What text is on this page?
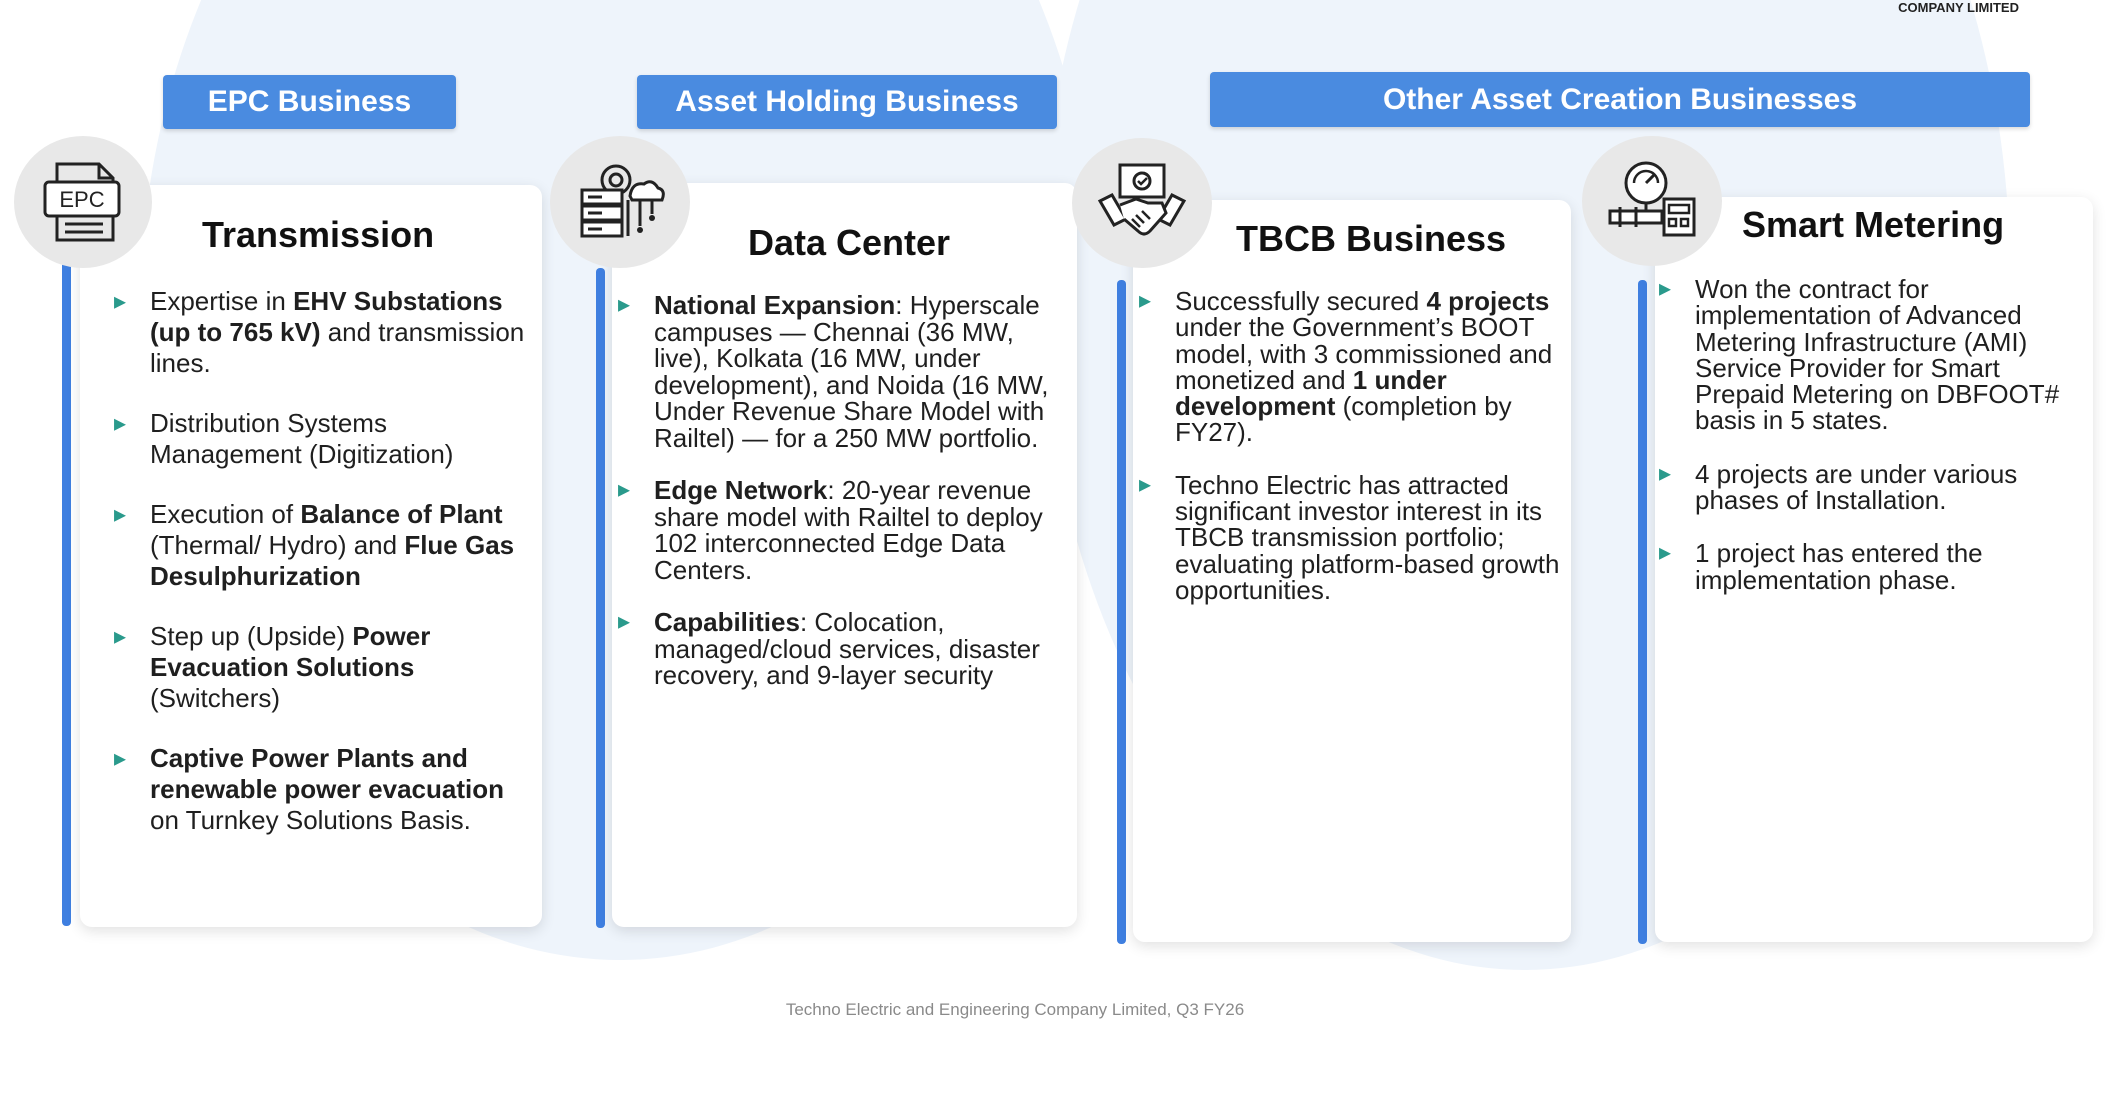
COMPANY LIMITED
EPC Business	Asset Holding Business	Other Asset Creation Businesses
EPC
Transmission
▸ Expertise in EHV Substations (up to 765 kV) and transmission lines.
▸ Distribution Systems Management (Digitization)
▸ Execution of Balance of Plant (Thermal/ Hydro) and Flue Gas Desulphurization
▸ Step up (Upside) Power Evacuation Solutions (Switchers)
▸ Captive Power Plants and renewable power evacuation on Turnkey Solutions Basis.
Data Center
▸ National Expansion: Hyperscale campuses — Chennai (36 MW, live), Kolkata (16 MW, under development), and Noida (16 MW, Under Revenue Share Model with Railtel) — for a 250 MW portfolio.
▸ Edge Network: 20-year revenue share model with Railtel to deploy 102 interconnected Edge Data Centers.
▸ Capabilities: Colocation, managed/cloud services, disaster recovery, and 9-layer security
TBCB Business
▸ Successfully secured 4 projects under the Government’s BOOT model, with 3 commissioned and monetized and 1 under development (completion by FY27).
▸ Techno Electric has attracted significant investor interest in its TBCB transmission portfolio; evaluating platform-based growth opportunities.
Smart Metering
▸ Won the contract for implementation of Advanced Metering Infrastructure (AMI) Service Provider for Smart Prepaid Metering on DBFOOT# basis in 5 states.
▸ 4 projects are under various phases of Installation.
▸ 1 project has entered the implementation phase.
Techno Electric and Engineering Company Limited, Q3 FY26
